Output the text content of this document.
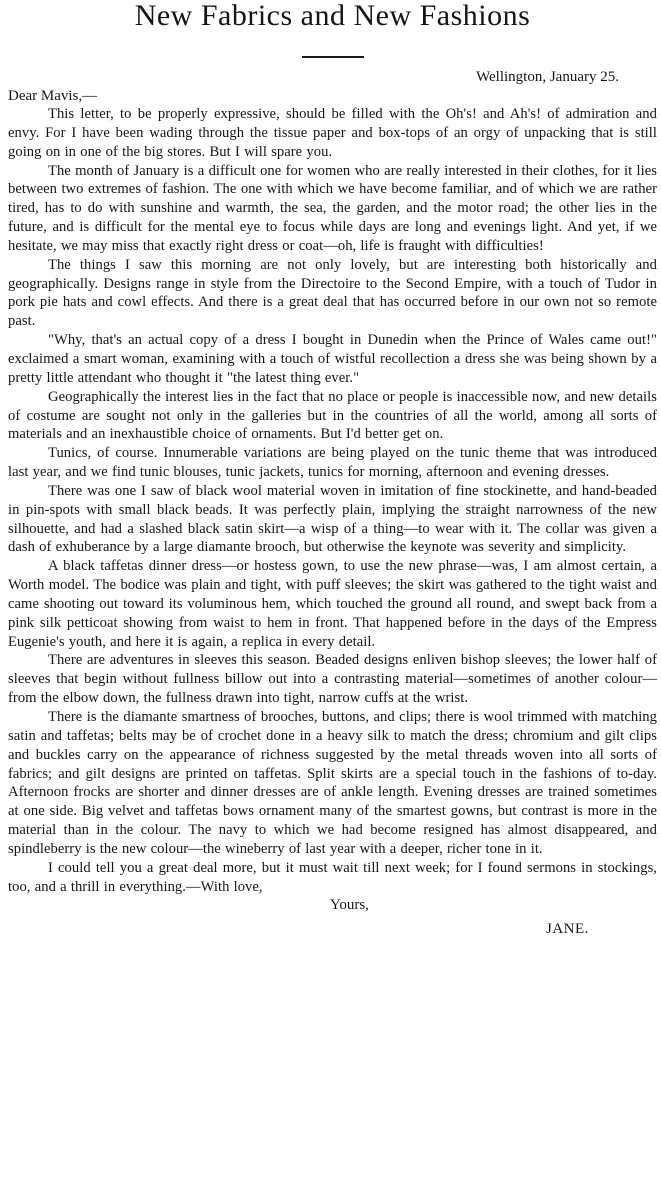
New Fabrics and New Fashions
Wellington, January 25.
Dear Mavis,—

This letter, to be properly expressive, should be filled with the Oh's! and Ah's! of admiration and envy. For I have been wading through the tissue paper and box-tops of an orgy of unpacking that is still going on in one of the big stores. But I will spare you.

The month of January is a difficult one for women who are really interested in their clothes, for it lies between two extremes of fashion. The one with which we have become familiar, and of which we are rather tired, has to do with sunshine and warmth, the sea, the garden, and the motor road; the other lies in the future, and is difficult for the mental eye to focus while days are long and evenings light. And yet, if we hesitate, we may miss that exactly right dress or coat—oh, life is fraught with difficulties!

The things I saw this morning are not only lovely, but are interesting both historically and geographically. Designs range in style from the Directoire to the Second Empire, with a touch of Tudor in pork pie hats and cowl effects. And there is a great deal that has occurred before in our own not so remote past.

"Why, that's an actual copy of a dress I bought in Dunedin when the Prince of Wales came out!" exclaimed a smart woman, examining with a touch of wistful recollection a dress she was being shown by a pretty little attendant who thought it "the latest thing ever."

Geographically the interest lies in the fact that no place or people is inaccessible now, and new details of costume are sought not only in the galleries but in the countries of all the world, among all sorts of materials and an inexhaustible choice of ornaments. But I'd better get on.

Tunics, of course. Innumerable variations are being played on the tunic theme that was introduced last year, and we find tunic blouses, tunic jackets, tunics for morning, afternoon and evening dresses.

There was one I saw of black wool material woven in imitation of fine stockinette, and hand-beaded in pin-spots with small black beads. It was perfectly plain, implying the straight narrowness of the new silhouette, and had a slashed black satin skirt—a wisp of a thing—to wear with it. The collar was given a dash of exhuberance by a large diamante brooch, but otherwise the keynote was severity and simplicity.

A black taffetas dinner dress—or hostess gown, to use the new phrase—was, I am almost certain, a Worth model. The bodice was plain and tight, with puff sleeves; the skirt was gathered to the tight waist and came shooting out toward its voluminous hem, which touched the ground all round, and swept back from a pink silk petticoat showing from waist to hem in front. That happened before in the days of the Empress Eugenie's youth, and here it is again, a replica in every detail.

There are adventures in sleeves this season. Beaded designs enliven bishop sleeves; the lower half of sleeves that begin without fullness billow out into a contrasting material—sometimes of another colour—from the elbow down, the fullness drawn into tight, narrow cuffs at the wrist.

There is the diamante smartness of brooches, buttons, and clips; there is wool trimmed with matching satin and taffetas; belts may be of crochet done in a heavy silk to match the dress; chromium and gilt clips and buckles carry on the appearance of richness suggested by the metal threads woven into all sorts of fabrics; and gilt designs are printed on taffetas. Split skirts are a special touch in the fashions of to-day. Afternoon frocks are shorter and dinner dresses are of ankle length. Evening dresses are trained sometimes at one side. Big velvet and taffetas bows ornament many of the smartest gowns, but contrast is more in the material than in the colour. The navy to which we had become resigned has almost disappeared, and spindleberry is the new colour—the wineberry of last year with a deeper, richer tone in it.

I could tell you a great deal more, but it must wait till next week; for I found sermons in stockings, too, and a thrill in everything.—With love,

Yours,

JANE.
